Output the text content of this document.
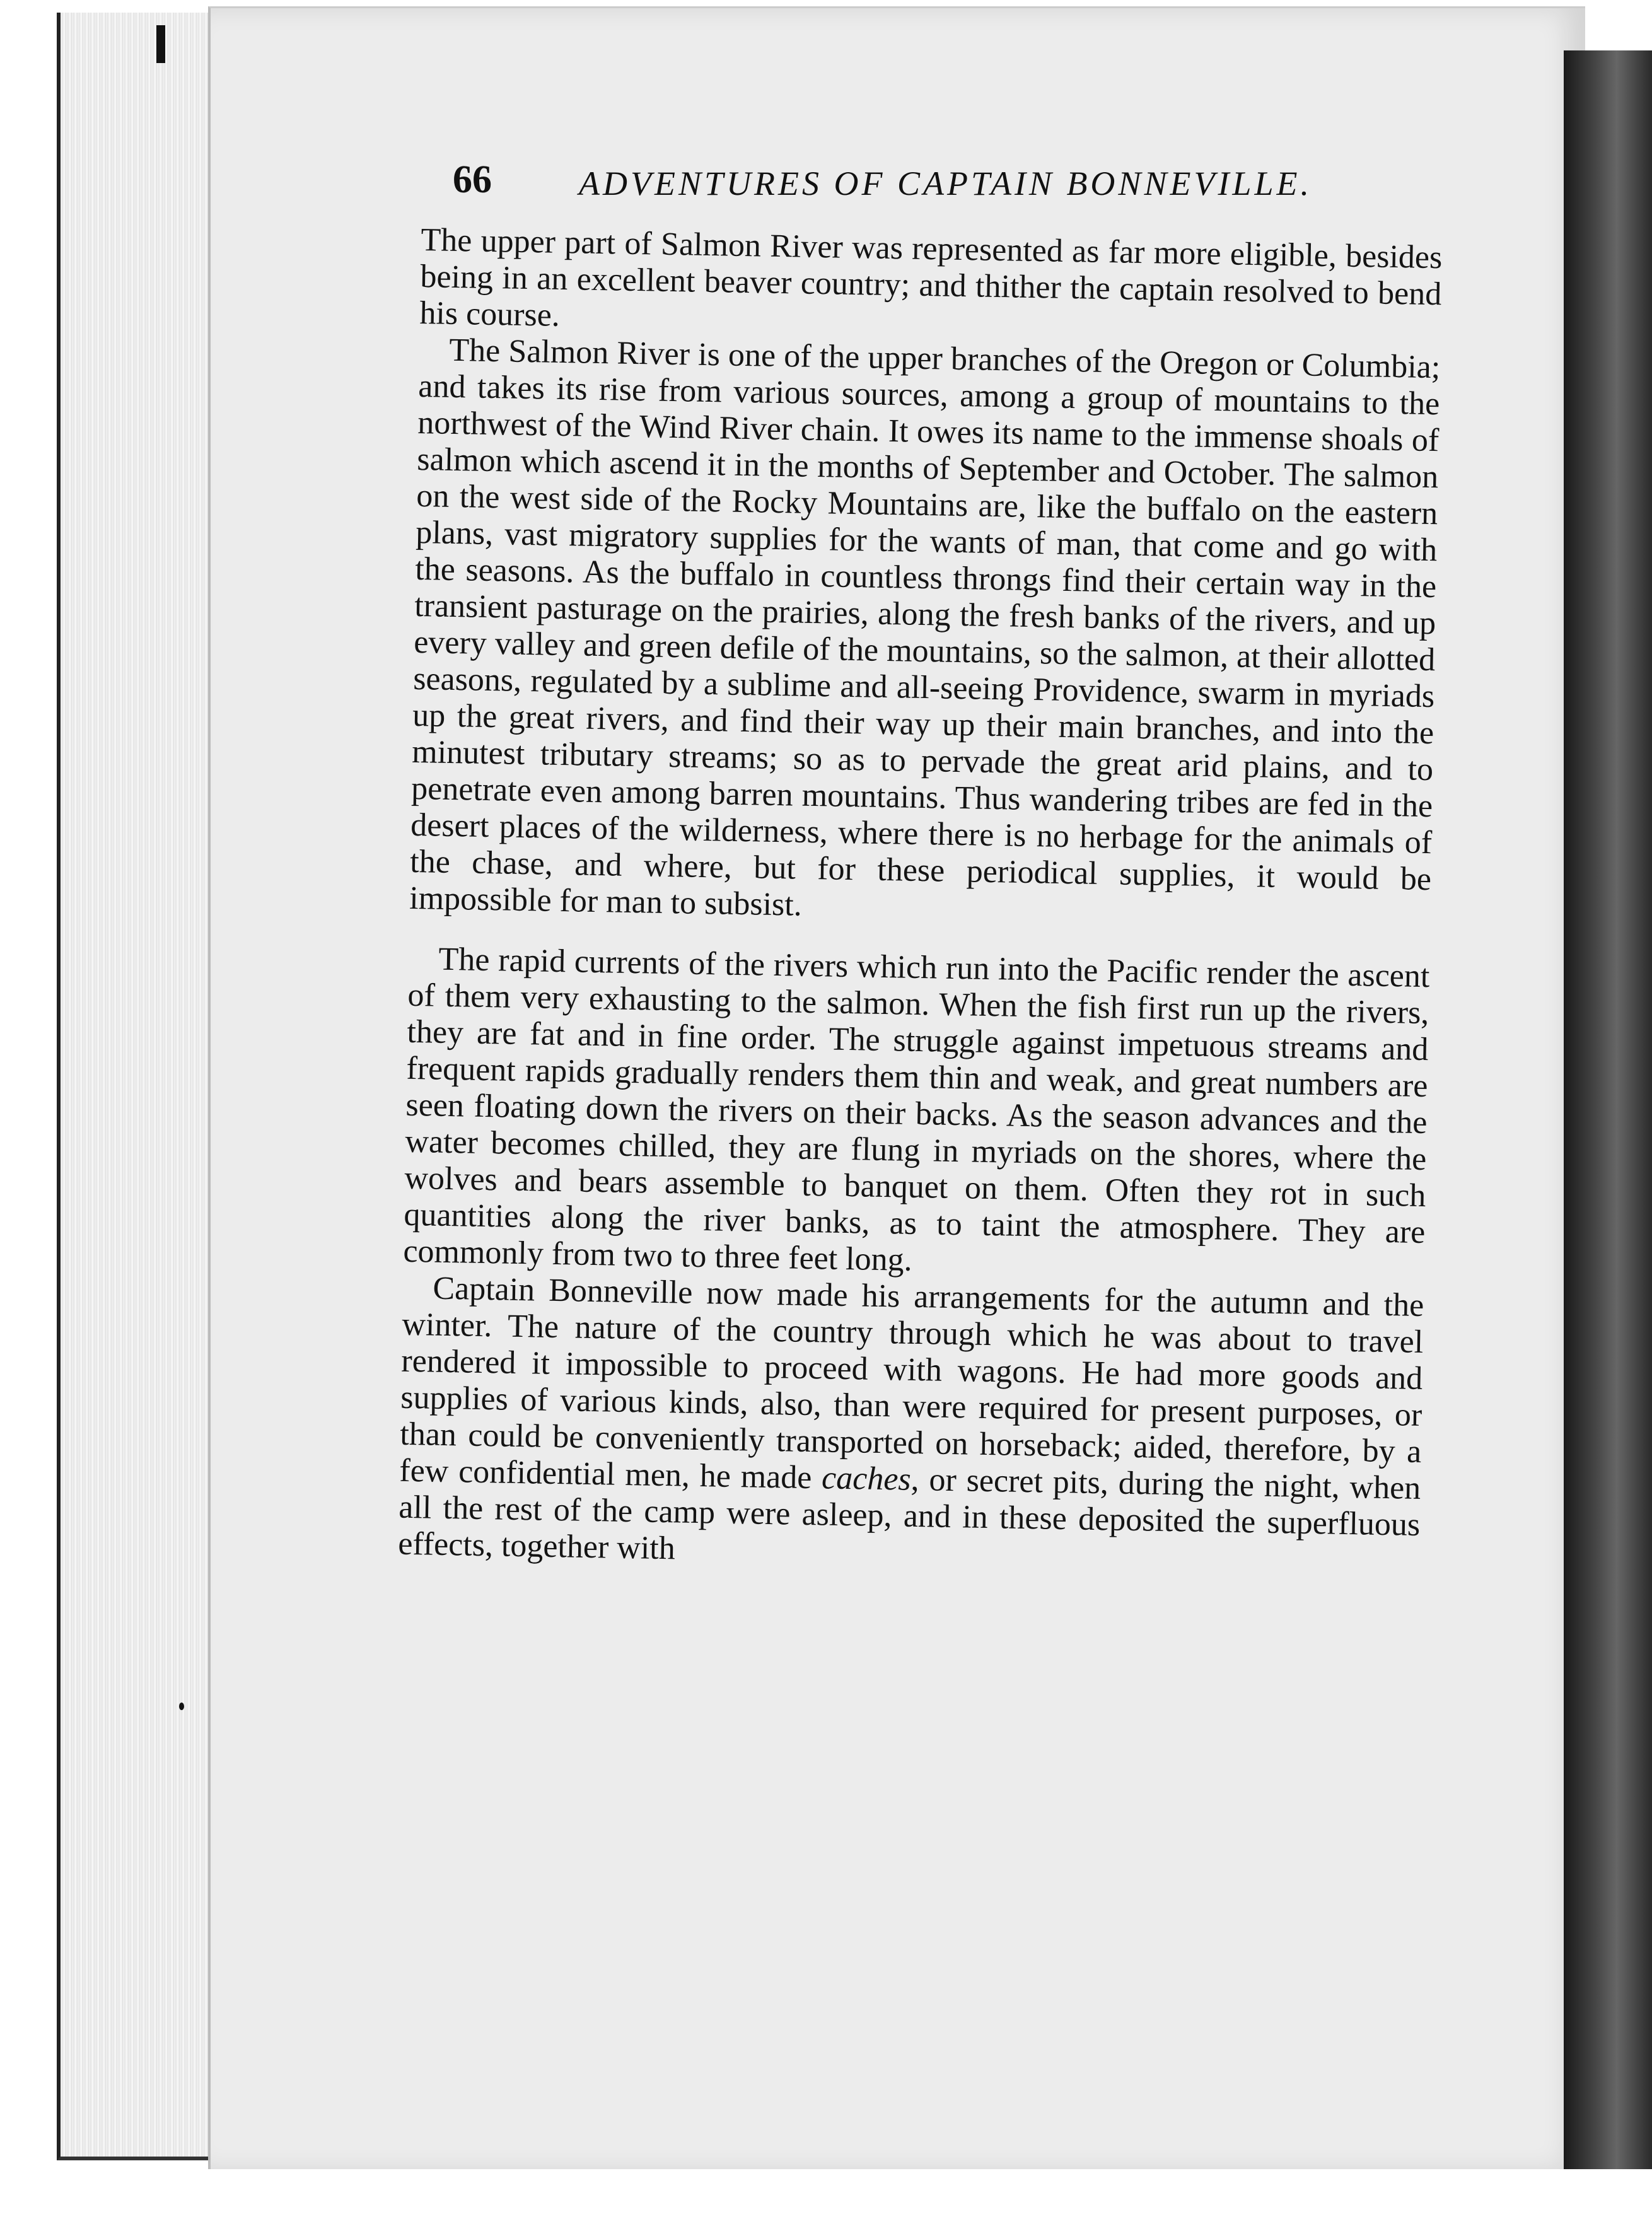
66	ADVENTURES OF CAPTAIN BONNEVILLE.

The upper part of Salmon River was represented as far more eligible, besides being in an excellent beaver country; and thither the captain resolved to bend his course.

The Salmon River is one of the upper branches of the Oregon or Columbia; and takes its rise from various sources, among a group of mountains to the northwest of the Wind River chain. It owes its name to the immense shoals of salmon which ascend it in the months of September and October. The salmon on the west side of the Rocky Mountains are, like the buffalo on the eastern plans, vast migratory supplies for the wants of man, that come and go with the seasons. As the buffalo in countless throngs find their certain way in the transient pasturage on the prairies, along the fresh banks of the rivers, and up every valley and green defile of the mountains, so the salmon, at their allotted seasons, regulated by a sublime and all-seeing Providence, swarm in myriads up the great rivers, and find their way up their main branches, and into the minutest tributary streams; so as to pervade the great arid plains, and to penetrate even among barren mountains. Thus wandering tribes are fed in the desert places of the wilderness, where there is no herbage for the animals of the chase, and where, but for these periodical supplies, it would be impossible for man to subsist.

The rapid currents of the rivers which run into the Pacific render the ascent of them very exhausting to the salmon. When the fish first run up the rivers, they are fat and in fine order. The struggle against impetuous streams and frequent rapids gradually renders them thin and weak, and great numbers are seen floating down the rivers on their backs. As the season advances and the water becomes chilled, they are flung in myriads on the shores, where the wolves and bears assemble to banquet on them. Often they rot in such quantities along the river banks, as to taint the atmosphere. They are commonly from two to three feet long.

Captain Bonneville now made his arrangements for the autumn and the winter. The nature of the country through which he was about to travel rendered it impossible to proceed with wagons. He had more goods and supplies of various kinds, also, than were required for present purposes, or than could be conveniently transported on horseback; aided, therefore, by a few confidential men, he made caches, or secret pits, during the night, when all the rest of the camp were asleep, and in these deposited the superfluous effects, together with
